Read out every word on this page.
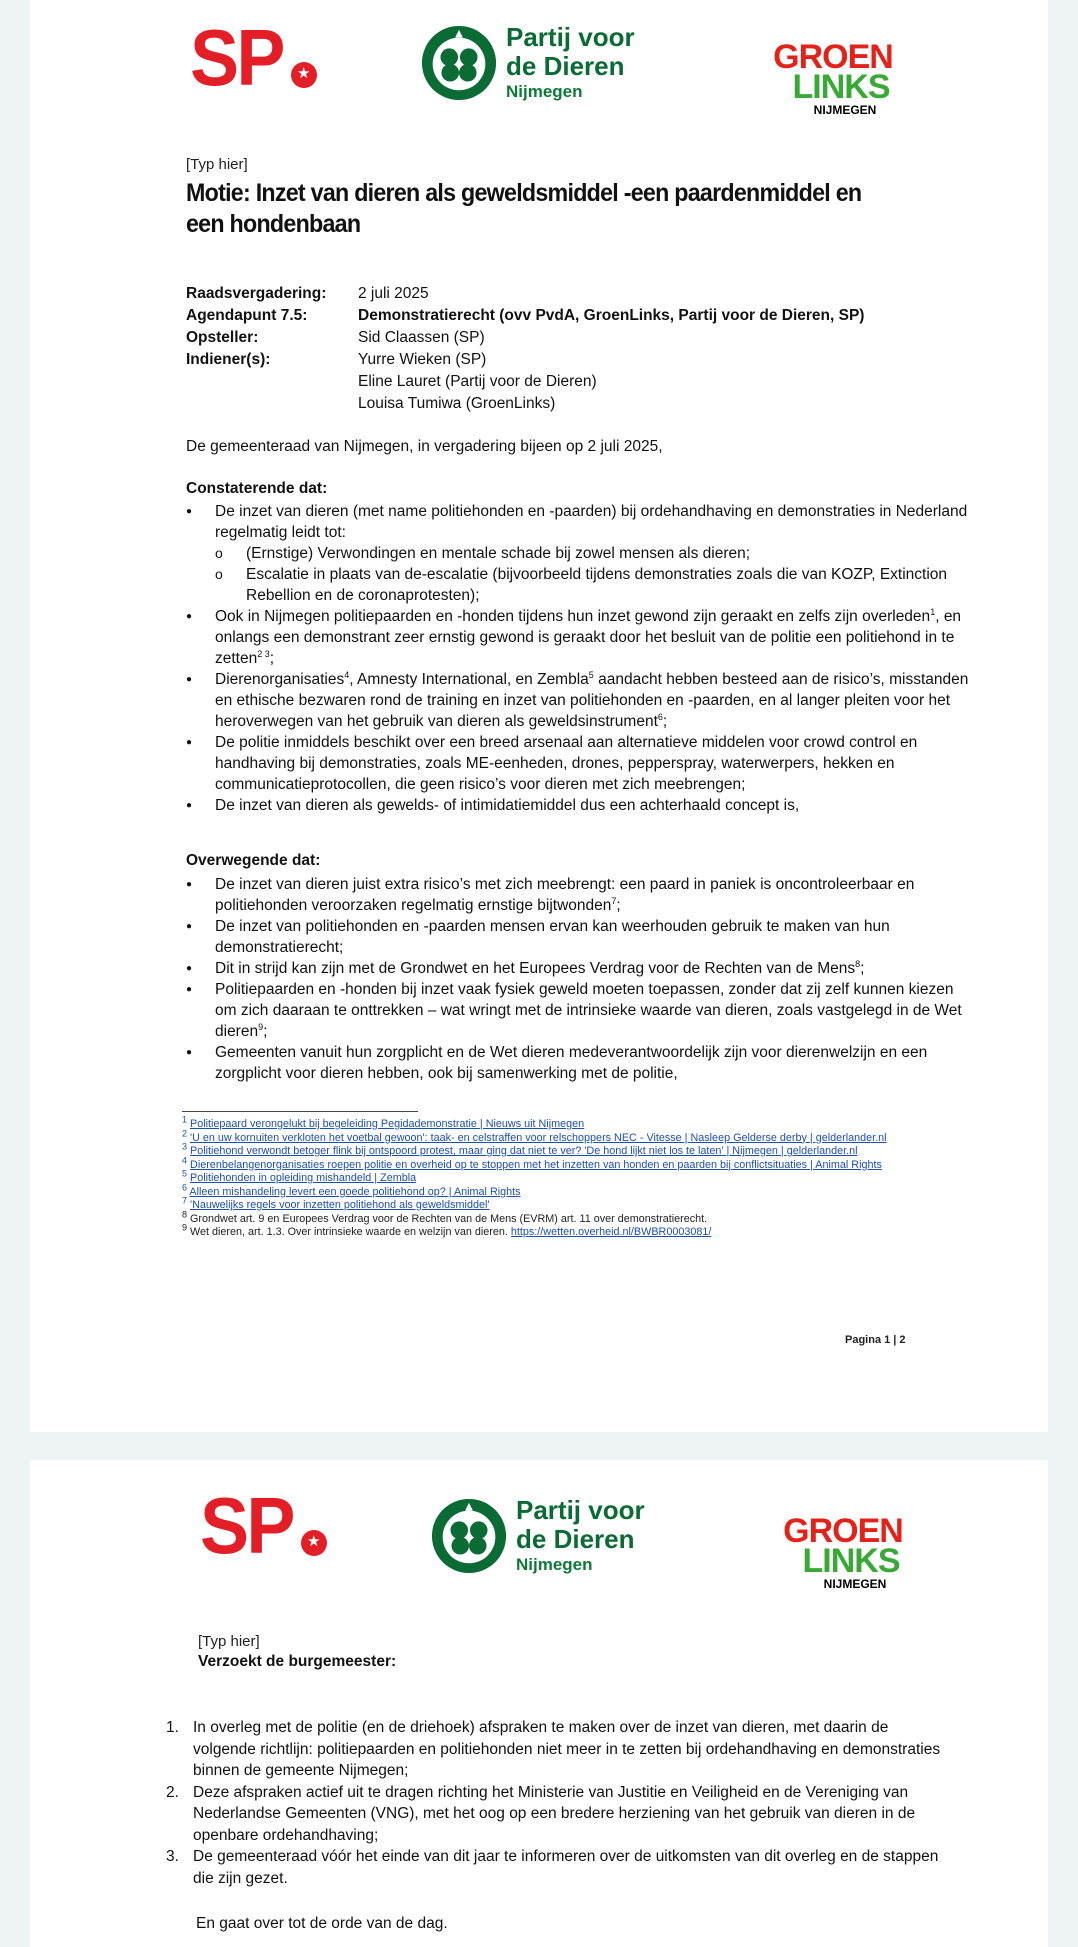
SP ★
Partij voor
de Dieren
Nijmegen
GROEN
LINKS
NIJMEGEN
[Typ hier]
Motie: Inzet van dieren als geweldsmiddel -een paardenmiddel en een hondenbaan
Raadsvergadering:	2 juli 2025
Agendapunt 7.5:	Demonstratierecht (ovv PvdA, GroenLinks, Partij voor de Dieren, SP)
Opsteller:	Sid Claassen (SP)
Indiener(s):	Yurre Wieken (SP)
Eline Lauret (Partij voor de Dieren)
Louisa Tumiwa (GroenLinks)
De gemeenteraad van Nijmegen, in vergadering bijeen op 2 juli 2025,
Constaterende dat:
● De inzet van dieren (met name politiehonden en -paarden) bij ordehandhaving en demonstraties in Nederland regelmatig leidt tot:
o (Ernstige) Verwondingen en mentale schade bij zowel mensen als dieren;
o Escalatie in plaats van de-escalatie (bijvoorbeeld tijdens demonstraties zoals die van KOZP, Extinction Rebellion en de coronaprotesten);
● Ook in Nijmegen politiepaarden en -honden tijdens hun inzet gewond zijn geraakt en zelfs zijn overleden$^1$, en onlangs een demonstrant zeer ernstig gewond is geraakt door het besluit van de politie een politiehond in te zetten$^{2 3}$;
● Dierenorganisaties$^4$, Amnesty International, en Zembla$^5$ aandacht hebben besteed aan de risico’s, misstanden en ethische bezwaren rond de training en inzet van politiehonden en -paarden, en al langer pleiten voor het heroverwegen van het gebruik van dieren als geweldsinstrument$^6$;
● De politie inmiddels beschikt over een breed arsenaal aan alternatieve middelen voor crowd control en handhaving bij demonstraties, zoals ME-eenheden, drones, pepperspray, waterwerpers, hekken en communicatieprotocollen, die geen risico’s voor dieren met zich meebrengen;
● De inzet van dieren als gewelds- of intimidatiemiddel dus een achterhaald concept is,
Overwegende dat:
● De inzet van dieren juist extra risico’s met zich meebrengt: een paard in paniek is oncontroleerbaar en politiehonden veroorzaken regelmatig ernstige bijtwonden$^7$;
● De inzet van politiehonden en -paarden mensen ervan kan weerhouden gebruik te maken van hun demonstratierecht;
● Dit in strijd kan zijn met de Grondwet en het Europees Verdrag voor de Rechten van de Mens$^8$;
● Politiepaarden en -honden bij inzet vaak fysiek geweld moeten toepassen, zonder dat zij zelf kunnen kiezen om zich daaraan te onttrekken – wat wringt met de intrinsieke waarde van dieren, zoals vastgelegd in de Wet dieren$^9$;
● Gemeenten vanuit hun zorgplicht en de Wet dieren medeverantwoordelijk zijn voor dierenwelzijn en een zorgplicht voor dieren hebben, ook bij samenwerking met de politie,
$^1$ Politiepaard verongelukt bij begeleiding Pegidademonstratie | Nieuws uit Nijmegen
$^2$ 'U en uw kornuiten verkloten het voetbal gewoon': taak- en celstraffen voor relschoppers NEC - Vitesse | Nasleep Gelderse derby | gelderlander.nl
$^3$ Politiehond verwondt betoger flink bij ontspoord protest, maar ging dat niet te ver? 'De hond lijkt niet los te laten' | Nijmegen | gelderlander.nl
$^4$ Dierenbelangenorganisaties roepen politie en overheid op te stoppen met het inzetten van honden en paarden bij conflictsituaties | Animal Rights
$^5$ Politiehonden in opleiding mishandeld | Zembla
$^6$ Alleen mishandeling levert een goede politiehond op? | Animal Rights
$^7$ 'Nauwelijks regels voor inzetten politiehond als geweldsmiddel'
$^8$ Grondwet art. 9 en Europees Verdrag voor de Rechten van de Mens (EVRM) art. 11 over demonstratierecht.
$^9$ Wet dieren, art. 1.3. Over intrinsieke waarde en welzijn van dieren. https://wetten.overheid.nl/BWBR0003081/
Pagina 1 | 2
SP ★
Partij voor
de Dieren
Nijmegen
GROEN
LINKS
NIJMEGEN
[Typ hier]
Verzoekt de burgemeester:
1. In overleg met de politie (en de driehoek) afspraken te maken over de inzet van dieren, met daarin de volgende richtlijn: politiepaarden en politiehonden niet meer in te zetten bij ordehandhaving en demonstraties binnen de gemeente Nijmegen;
2. Deze afspraken actief uit te dragen richting het Ministerie van Justitie en Veiligheid en de Vereniging van Nederlandse Gemeenten (VNG), met het oog op een bredere herziening van het gebruik van dieren in de openbare ordehandhaving;
3. De gemeenteraad vóór het einde van dit jaar te informeren over de uitkomsten van dit overleg en de stappen die zijn gezet.
En gaat over tot de orde van de dag.
